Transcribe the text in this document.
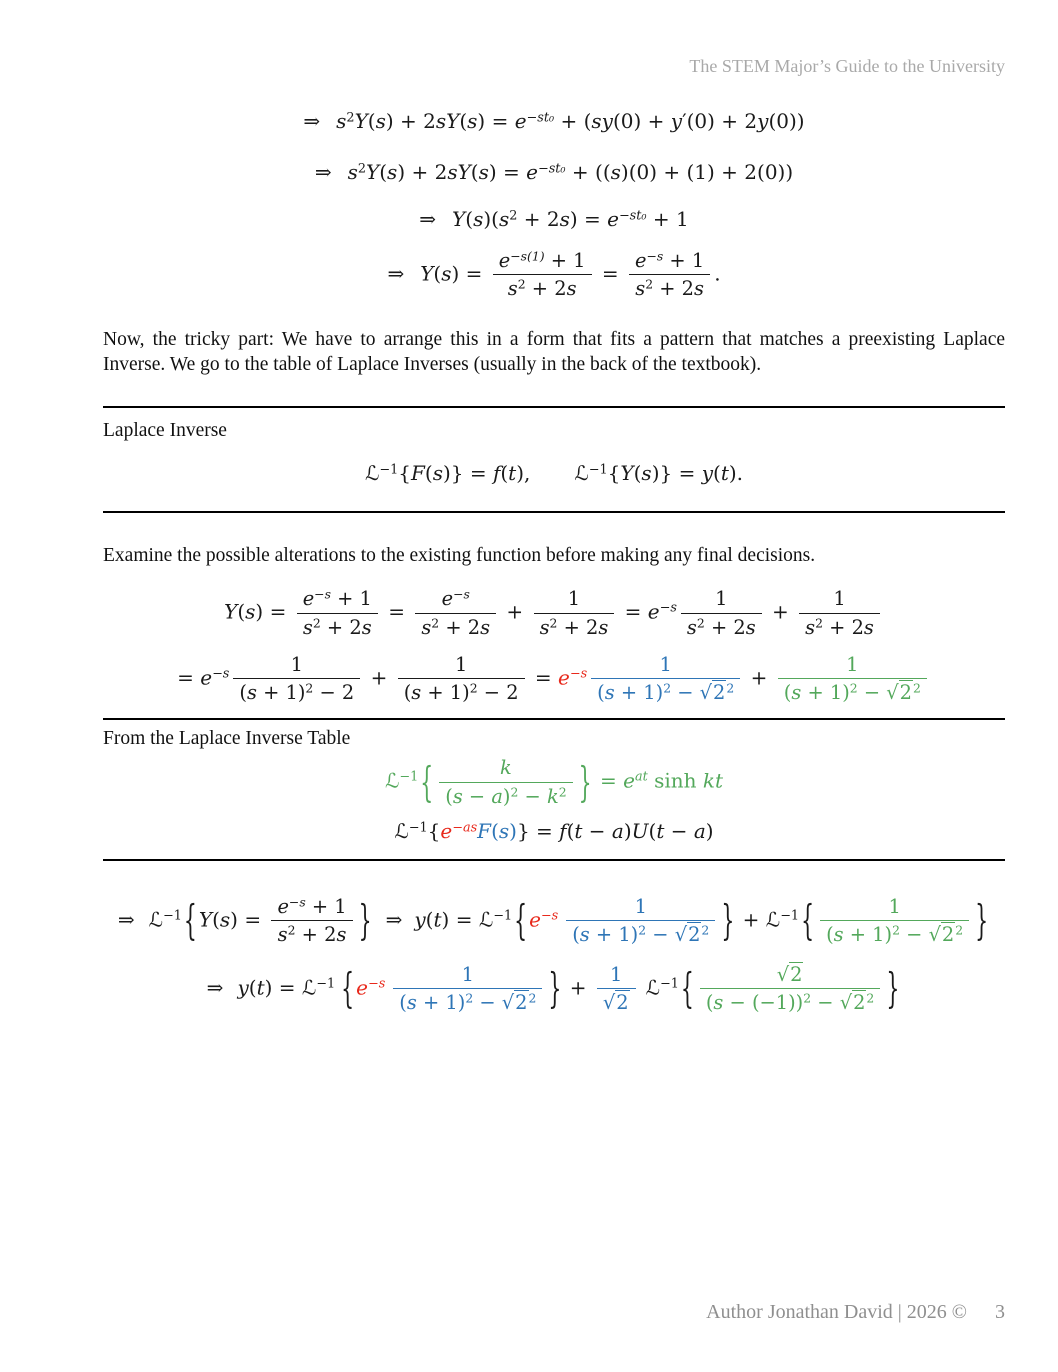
The STEM Major’s Guide to the University
⇒ $s^2Y(s) + 2sY(s) = e^{-st_0} + (sy(0) + y'(0) + 2y(0))$
⇒ $s^2Y(s) + 2sY(s) = e^{-st_0} + ((s)(0) + (1) + 2(0))$
⇒ $Y(s)(s^2 + 2s) = e^{-st_0} + 1$
⇒ $Y(s) = \frac{e^{-s(1)} + 1}{s^2 + 2s} = \frac{e^{-s} + 1}{s^2 + 2s}$ .

Now, the tricky part: We have to arrange this in a form that fits a pattern that matches a preexisting Laplace Inverse. We go to the table of Laplace Inverses (usually in the back of the textbook).

Laplace Inverse
ℒ$^{-1}${F(s)} = f(t), ℒ$^{-1}${Y(s)} = y(t).

Examine the possible alterations to the existing function before making any final decisions.

$Y(s) = \frac{e^{-s} + 1}{s^2 + 2s} = \frac{e^{-s}}{s^2 + 2s} + \frac{1}{s^2 + 2s} = e^{-s} \frac{1}{s^2 + 2s} + \frac{1}{s^2 + 2s}$
= $e^{-s} \frac{1}{(s + 1)^2 - 2} + \frac{1}{(s + 1)^2 - 2} = e^{-s} \frac{1}{(s + 1)^2 - √2^2} + \frac{1}{(s + 1)^2 - √2^2}$
From the Laplace Inverse Table
ℒ$^{-1}${ $\frac{k}{(s - a)^2 - k^2}$ } = $e^{at}$ sinh kt
$ℒ^{-1}\{e^{-as}F(s)\} = f(t - a)U(t - a)$
⇒ ℒ$^{-1}${ $Y(s) = \frac{e^{-s} + 1}{s^2 + 2s}$ } ⇒ y(t) = ℒ$^{-1}${ $e^{-s} \frac{1}{(s + 1)^2 - √2^2}$ } + ℒ$^{-1}${ $\frac{1}{(s + 1)^2 - √2^2}$ }
⇒ y(t) = ℒ$^{-1}$ { $e^{-s} \frac{1}{(s + 1)^2 - √2^2}$ } + $\frac{1}{√2}$ ℒ$^{-1}${ $\frac{√2}{(s - (-1))^2 - √2^2}$ }
Author Jonathan David | 2026 © 3
